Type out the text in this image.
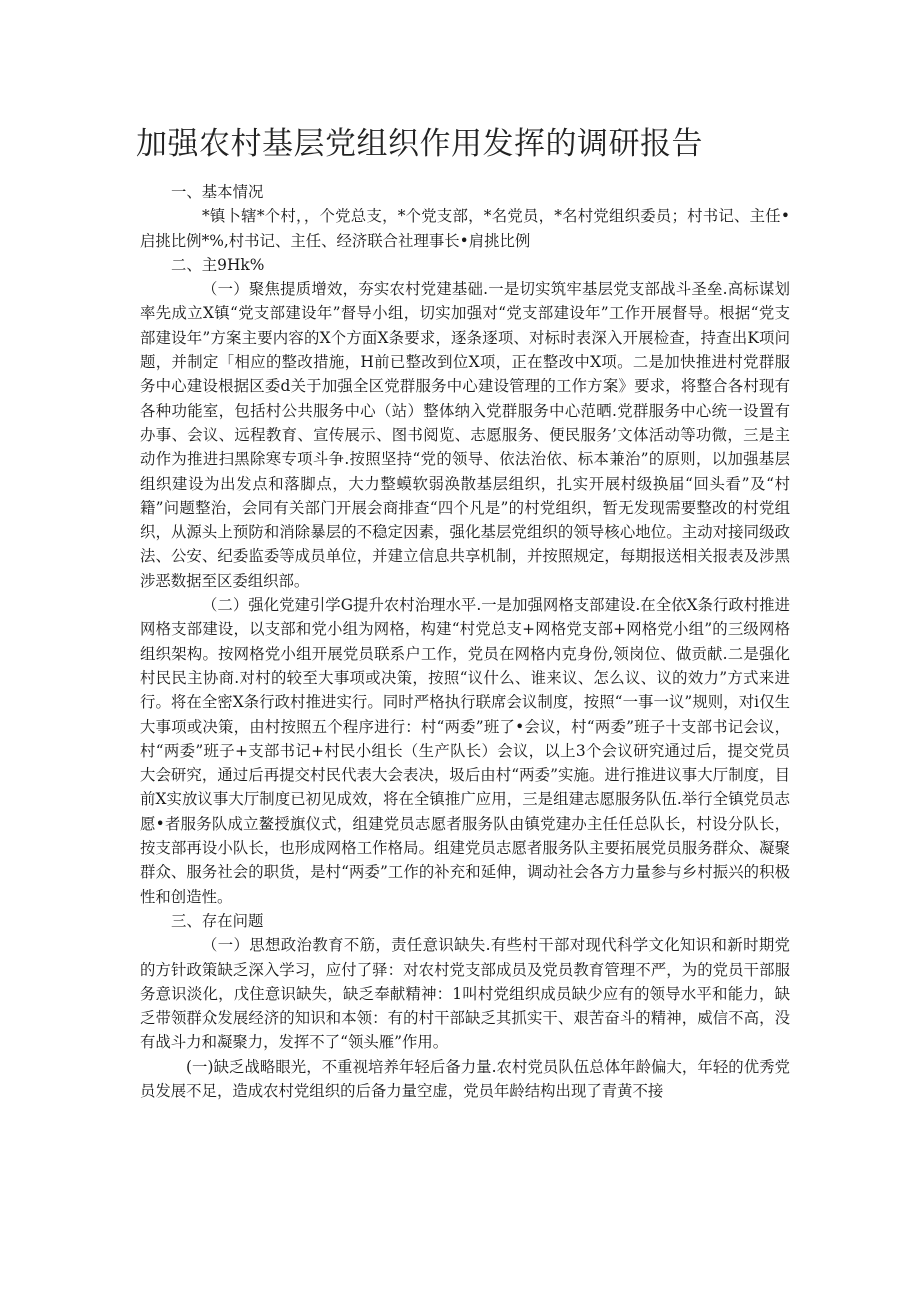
加强农村基层党组织作用发挥的调研报告

一、基本情况

*镇卜辖*个村，，个党总支，*个党支部，*名党员，*名村党组织委员；村书记、主任•启挑比例*%,村书记、主任、经济联合社理事长•肩挑比例

二、主9Hk%

（一）聚焦提质增效，夯实农村党建基础.一是切实筑牢基层党支部战斗圣垒.高标谋划率先成立X镇“党支部建设年”督导小组，切实加强对“党支部建设年”工作开展督导。根据“党支部建设年”方案主要内容的X个方面X条要求，逐条逐项、对标时表深入开展检查，持查出K项问题，并制定「相应的整改措施，H前已整改到位X项，正在整改中X项。二是加快推进村党群服务中心建设根据区委d关于加强全区党群服务中心建设管理的工作方案》要求，将整合各村现有各种功能室，包括村公共服务中心（站）整体纳入党群服务中心范晒.党群服务中心统一设置有办事、会议、远程教育、宣传展示、图书阅览、志愿服务、便民服务’文体活动等功微，三是主动作为推进扫黑除寒专项斗争.按照坚持“党的领导、依法治依、标本兼治”的原则，以加强基层组织建设为出发点和落脚点，大力整蟆软弱涣散基层组织，扎实开展村级换届“回头看”及“村籍”问题整治，会同有关部门开展会商排查“四个凡是”的村党组织，暂无发现需要整改的村党组织，从源头上预防和消除暴层的不稳定因素，强化基层党组织的领导核心地位。主动对接同级政法、公安、纪委监委等成员单位，并建立信息共享机制，并按照规定，每期报送相关报表及涉黑涉恶数据至区委组织部。

（二）强化党建引学G提升农村治理水平.一是加强网格支部建设.在全依X条行政村推进网格支部建设，以支部和党小组为网格，构建“村党总支+网格党支部+网格党小组”的三级网格组织架构。按网格党小组开展党员联系户工作，党员在网格内克身份,领岗位、做贡献.二是强化村民民主协商.对村的较至大事项或决策，按照“议什么、谁来议、怎么议、议的效力”方式来进行。将在全密X条行政村推进实行。同时严格执行联席会议制度，按照“一事一议”规则，对i仅生大事项或决策，由村按照五个程序进行：村“两委”班了•会议，村“两委”班子十支部书记会议，村“两委”班子+支部书记+村民小组长（生产队长）会议，以上3个会议研究通过后，提交党员大会研究，通过后再提交村民代表大会表决，圾后由村“两委”实施。进行推进议事大厅制度，目前X实放议事大厅制度已初见成效，将在全镇推广应用，三是组建志愿服务队伍.举行全镇党员志愿•者服务队成立鳌授旗仪式，组建党员志愿者服务队由镇党建办主任任总队长，村设分队长，按支部再设小队长，也形成网格工作格局。组建党员志愿者服务队主要拓展党员服务群众、凝聚群众、服务社会的职货，是村“两委”工作的补充和延伸，调动社会各方力量参与乡村振兴的积极性和创造性。

三、存在问题

（一）思想政治教育不筋，责任意识缺失.有些村干部对现代科学文化知识和新时期党的方针政策缺乏深入学习，应付了驿：对农村党支部成员及党员教育管理不严，为的党员干部服务意识淡化，戊住意识缺失，缺乏奉献精神：1叫村党组织成员缺少应有的领导水平和能力，缺乏带领群众发展经济的知识和本领：有的村干部缺乏其抓实干、艰苦奋斗的精神，威信不高，没有战斗力和凝聚力，发挥不了“领头雁”作用。

(一)缺乏战略眼光，不重视培养年轻后备力量.农村党员队伍总体年龄偏大，年轻的优秀党员发展不足，造成农村党组织的后备力量空虚，党员年龄结构出现了青黄不接
